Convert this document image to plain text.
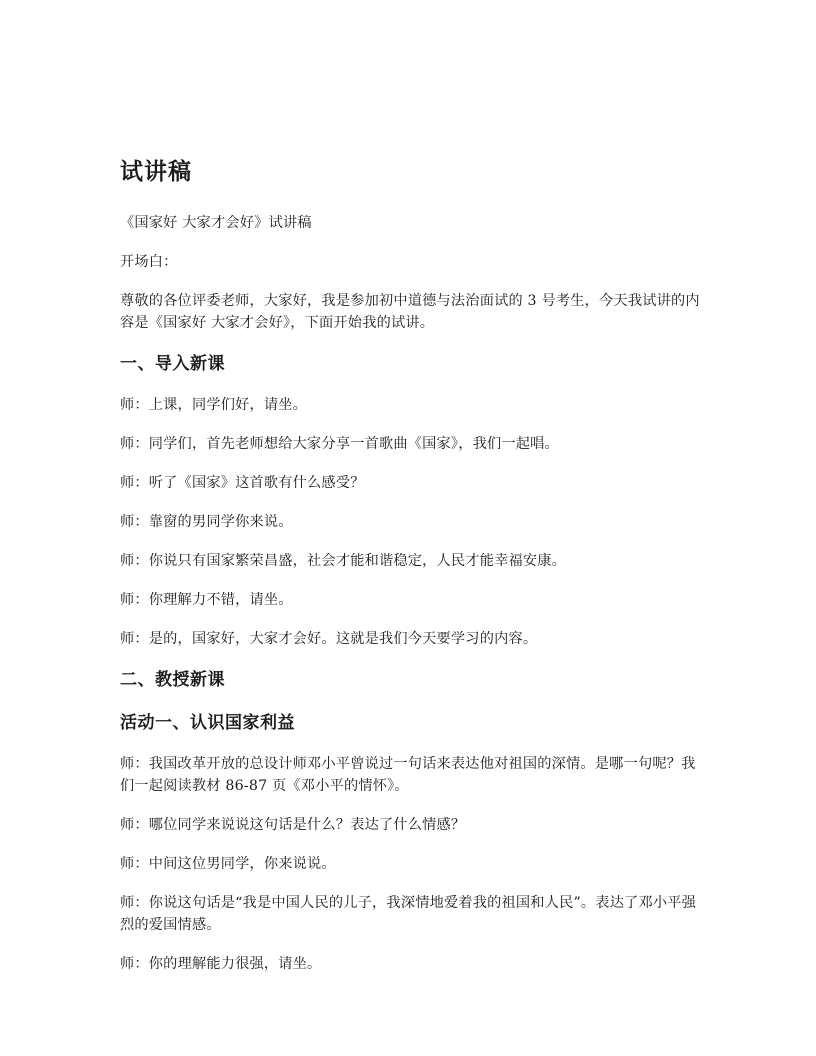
试讲稿

《国家好 大家才会好》试讲稿

开场白：

尊敬的各位评委老师，大家好，我是参加初中道德与法治面试的 3 号考生，今天我试讲的内容是《国家好 大家才会好》，下面开始我的试讲。

一、导入新课

师：上课，同学们好，请坐。

师：同学们，首先老师想给大家分享一首歌曲《国家》，我们一起唱。

师：听了《国家》这首歌有什么感受？

师：靠窗的男同学你来说。

师：你说只有国家繁荣昌盛，社会才能和谐稳定，人民才能幸福安康。

师：你理解力不错，请坐。

师：是的，国家好，大家才会好。这就是我们今天要学习的内容。

二、教授新课
活动一、认识国家利益

师：我国改革开放的总设计师邓小平曾说过一句话来表达他对祖国的深情。是哪一句呢？我们一起阅读教材 86-87 页《邓小平的情怀》。

师：哪位同学来说说这句话是什么？表达了什么情感？

师：中间这位男同学，你来说说。

师：你说这句话是“我是中国人民的儿子，我深情地爱着我的祖国和人民”。表达了邓小平强烈的爱国情感。

师：你的理解能力很强，请坐。
